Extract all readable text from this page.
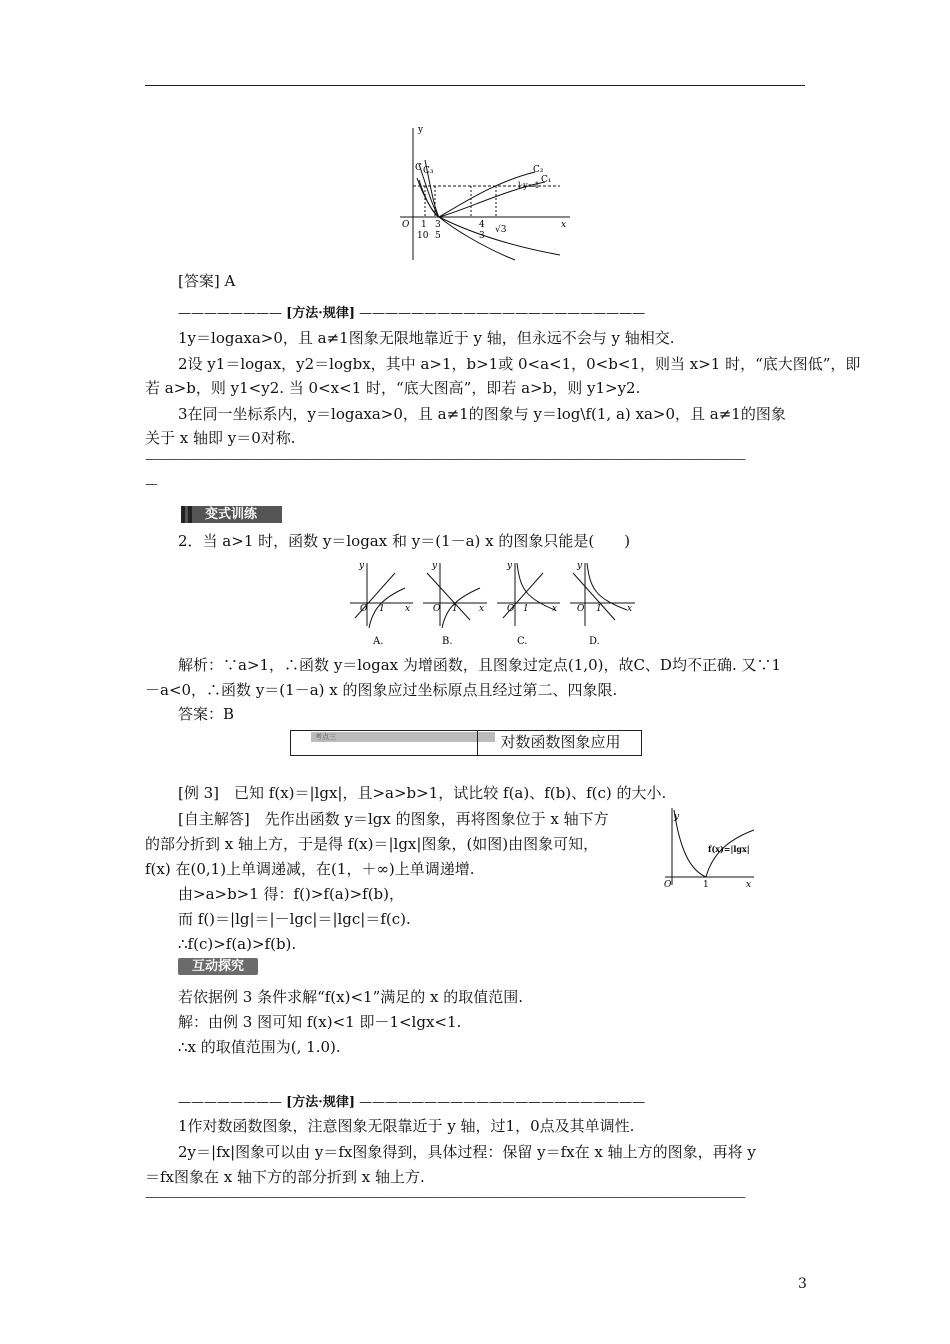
y
x
O
l:y=1
C C₃	C₂
C₁
1
10
3
5
4
3
√3
[答案] A
———————— [方法·规律] ——————————————————————
1y＝logaxa>0，且 a≠1图象无限地靠近于 y 轴，但永远不会与 y 轴相交.
2设 y1＝logax，y2＝logbx，其中 a>1，b>1或 0<a<1，0<b<1，则当 x>1 时，“底大图低”，即
若 a>b，则 y1<y2. 当 0<x<1 时，“底大图高”，即若 a>b，则 y1>y2.
3在同一坐标系内，y＝logaxa>0，且 a≠1的图象与 y＝log\f(1, a) xa>0，且 a≠1的图象
关于 x 轴即 y＝0对称.
——————————————————————————————————————————————————
—
变式训练
2．当 a>1 时，函数 y＝logax 和 y＝(1－a) x 的图象只能是(　　)
y
O 1 x
y
O 1 x
y
O 1	x
y
O 1	x
A.	B.	C.	D.
解析：∵a>1，∴函数 y＝logax 为增函数，且图象过定点(1,0)，故C、D均不正确. 又∵1
－a<0，∴函数 y＝(1－a) x 的图象应过坐标原点且经过第二、四象限.
答案：B
考点三	对数函数图象应用
[例 3]　已知 f(x)＝|lgx|，且>a>b>1，试比较 f(a)、f(b)、f(c) 的大小.
[自主解答]　先作出函数 y＝lgx 的图象，再将图象位于 x 轴下方
的部分折到 x 轴上方，于是得 f(x)＝|lgx|图象，(如图)由图象可知，
f(x) 在(0,1)上单调递减，在(1，＋∞)上单调递增.
由>a>b>1 得：f()>f(a)>f(b)，
而 f()＝|lg|＝|－lgc|＝|lgc|＝f(c).
∴f(c)>f(a)>f(b).
y
O	1	x
f(x)=|lgx|
互动探究
若依据例 3 条件求解“f(x)<1”满足的 x 的取值范围.
解：由例 3 图可知 f(x)<1 即－1<lgx<1.
∴x 的取值范围为(, 1.0).
———————— [方法·规律] ——————————————————————
1作对数函数图象，注意图象无限靠近于 y 轴，过1，0点及其单调性.
2y＝|fx|图象可以由 y＝fx图象得到，具体过程：保留 y＝fx在 x 轴上方的图象，再将 y
＝fx图象在 x 轴下方的部分折到 x 轴上方.
——————————————————————————————————————————————————
3
